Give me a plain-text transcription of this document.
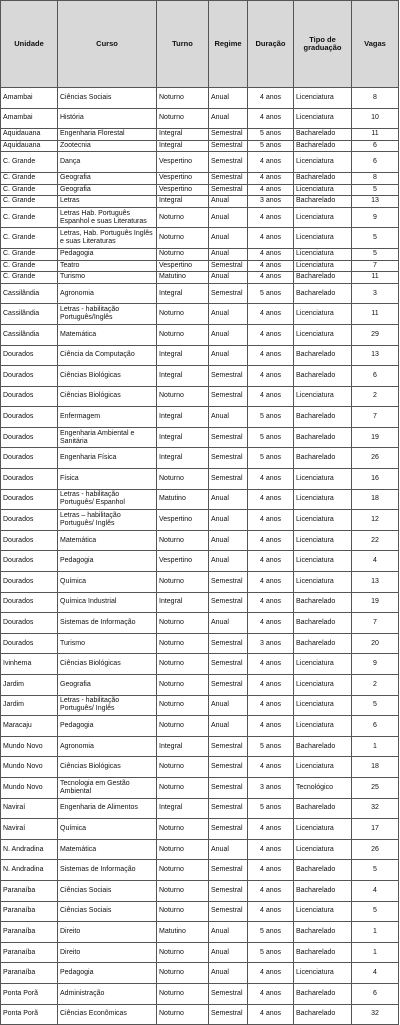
Unidade	Curso	Turno	Regime	Duração	Tipo de graduação	Vagas
Amambai	Ciências Sociais	Noturno	Anual	4 anos	Licenciatura	8
Amambai	História	Noturno	Anual	4 anos	Licenciatura	10
Aquidauana	Engenharia Florestal	Integral	Semestral	5 anos	Bacharelado	11
Aquidauana	Zootecnia	Integral	Semestral	5 anos	Bacharelado	6
C. Grande	Dança	Vespertino	Semestral	4 anos	Licenciatura	6
C. Grande	Geografia	Vespertino	Semestral	4 anos	Bacharelado	8
C. Grande	Geografia	Vespertino	Semestral	4 anos	Licenciatura	5
C. Grande	Letras	Integral	Anual	3 anos	Bacharelado	13
C. Grande	Letras Hab. Português Espanhol e suas Literaturas	Noturno	Anual	4 anos	Licenciatura	9
C. Grande	Letras, Hab. Português Inglês e suas Literaturas	Noturno	Anual	4 anos	Licenciatura	5
C. Grande	Pedagogia	Noturno	Anual	4 anos	Licenciatura	5
C. Grande	Teatro	Vespertino	Semestral	4 anos	Licenciatura	7
C. Grande	Turismo	Matutino	Anual	4 anos	Bacharelado	11
Cassilândia	Agronomia	Integral	Semestral	5 anos	Bacharelado	3
Cassilândia	Letras - habilitação Português/Inglês	Noturno	Anual	4 anos	Licenciatura	11
Cassilândia	Matemática	Noturno	Anual	4 anos	Licenciatura	29
Dourados	Ciência da Computação	Integral	Anual	4 anos	Bacharelado	13
Dourados	Ciências Biológicas	Integral	Semestral	4 anos	Bacharelado	6
Dourados	Ciências Biológicas	Noturno	Semestral	4 anos	Licenciatura	2
Dourados	Enfermagem	Integral	Anual	5 anos	Bacharelado	7
Dourados	Engenharia Ambiental e Sanitária	Integral	Semestral	5 anos	Bacharelado	19
Dourados	Engenharia Física	Integral	Semestral	5 anos	Bacharelado	26
Dourados	Física	Noturno	Semestral	4 anos	Licenciatura	16
Dourados	Letras - habilitação Português/ Espanhol	Matutino	Anual	4 anos	Licenciatura	18
Dourados	Letras – habilitação Português/ Inglês	Vespertino	Anual	4 anos	Licenciatura	12
Dourados	Matemática	Noturno	Anual	4 anos	Licenciatura	22
Dourados	Pedagogia	Vespertino	Anual	4 anos	Licenciatura	4
Dourados	Química	Noturno	Semestral	4 anos	Licenciatura	13
Dourados	Química Industrial	Integral	Semestral	4 anos	Bacharelado	19
Dourados	Sistemas de Informação	Noturno	Anual	4 anos	Bacharelado	7
Dourados	Turismo	Noturno	Semestral	3 anos	Bacharelado	20
Ivinhema	Ciências Biológicas	Noturno	Semestral	4 anos	Licenciatura	9
Jardim	Geografia	Noturno	Semestral	4 anos	Licenciatura	2
Jardim	Letras - habilitação Português/ Inglês	Noturno	Anual	4 anos	Licenciatura	5
Maracaju	Pedagogia	Noturno	Anual	4 anos	Licenciatura	6
Mundo Novo	Agronomia	Integral	Semestral	5 anos	Bacharelado	1
Mundo Novo	Ciências Biológicas	Noturno	Semestral	4 anos	Licenciatura	18
Mundo Novo	Tecnologia em Gestão Ambiental	Noturno	Semestral	3 anos	Tecnológico	25
Naviraí	Engenharia de Alimentos	Integral	Semestral	5 anos	Bacharelado	32
Naviraí	Química	Noturno	Semestral	4 anos	Licenciatura	17
N. Andradina	Matemática	Noturno	Anual	4 anos	Licenciatura	26
N. Andradina	Sistemas de Informação	Noturno	Semestral	4 anos	Bacharelado	5
Paranaíba	Ciências Sociais	Noturno	Semestral	4 anos	Bacharelado	4
Paranaíba	Ciências Sociais	Noturno	Semestral	4 anos	Licenciatura	5
Paranaíba	Direito	Matutino	Anual	5 anos	Bacharelado	1
Paranaíba	Direito	Noturno	Anual	5 anos	Bacharelado	1
Paranaíba	Pedagogia	Noturno	Anual	4 anos	Licenciatura	4
Ponta Porã	Administração	Noturno	Semestral	4 anos	Bacharelado	6
Ponta Porã	Ciências Econômicas	Noturno	Semestral	4 anos	Bacharelado	32
